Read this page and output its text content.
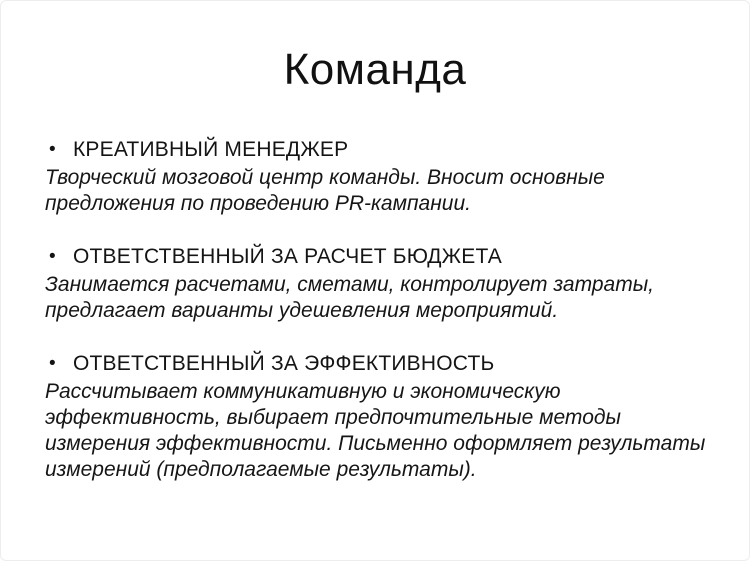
Команда
• КРЕАТИВНЫЙ МЕНЕДЖЕР
Творческий мозговой центр команды. Вносит основные
предложения по проведению PR-кампании.
• ОТВЕТСТВЕННЫЙ ЗА РАСЧЕТ БЮДЖЕТА
Занимается расчетами, сметами, контролирует затраты,
предлагает варианты удешевления мероприятий.
• ОТВЕТСТВЕННЫЙ ЗА ЭФФЕКТИВНОСТЬ
Рассчитывает коммуникативную и экономическую
эффективность, выбирает предпочтительные методы
измерения эффективности. Письменно оформляет результаты
измерений (предполагаемые результаты).
